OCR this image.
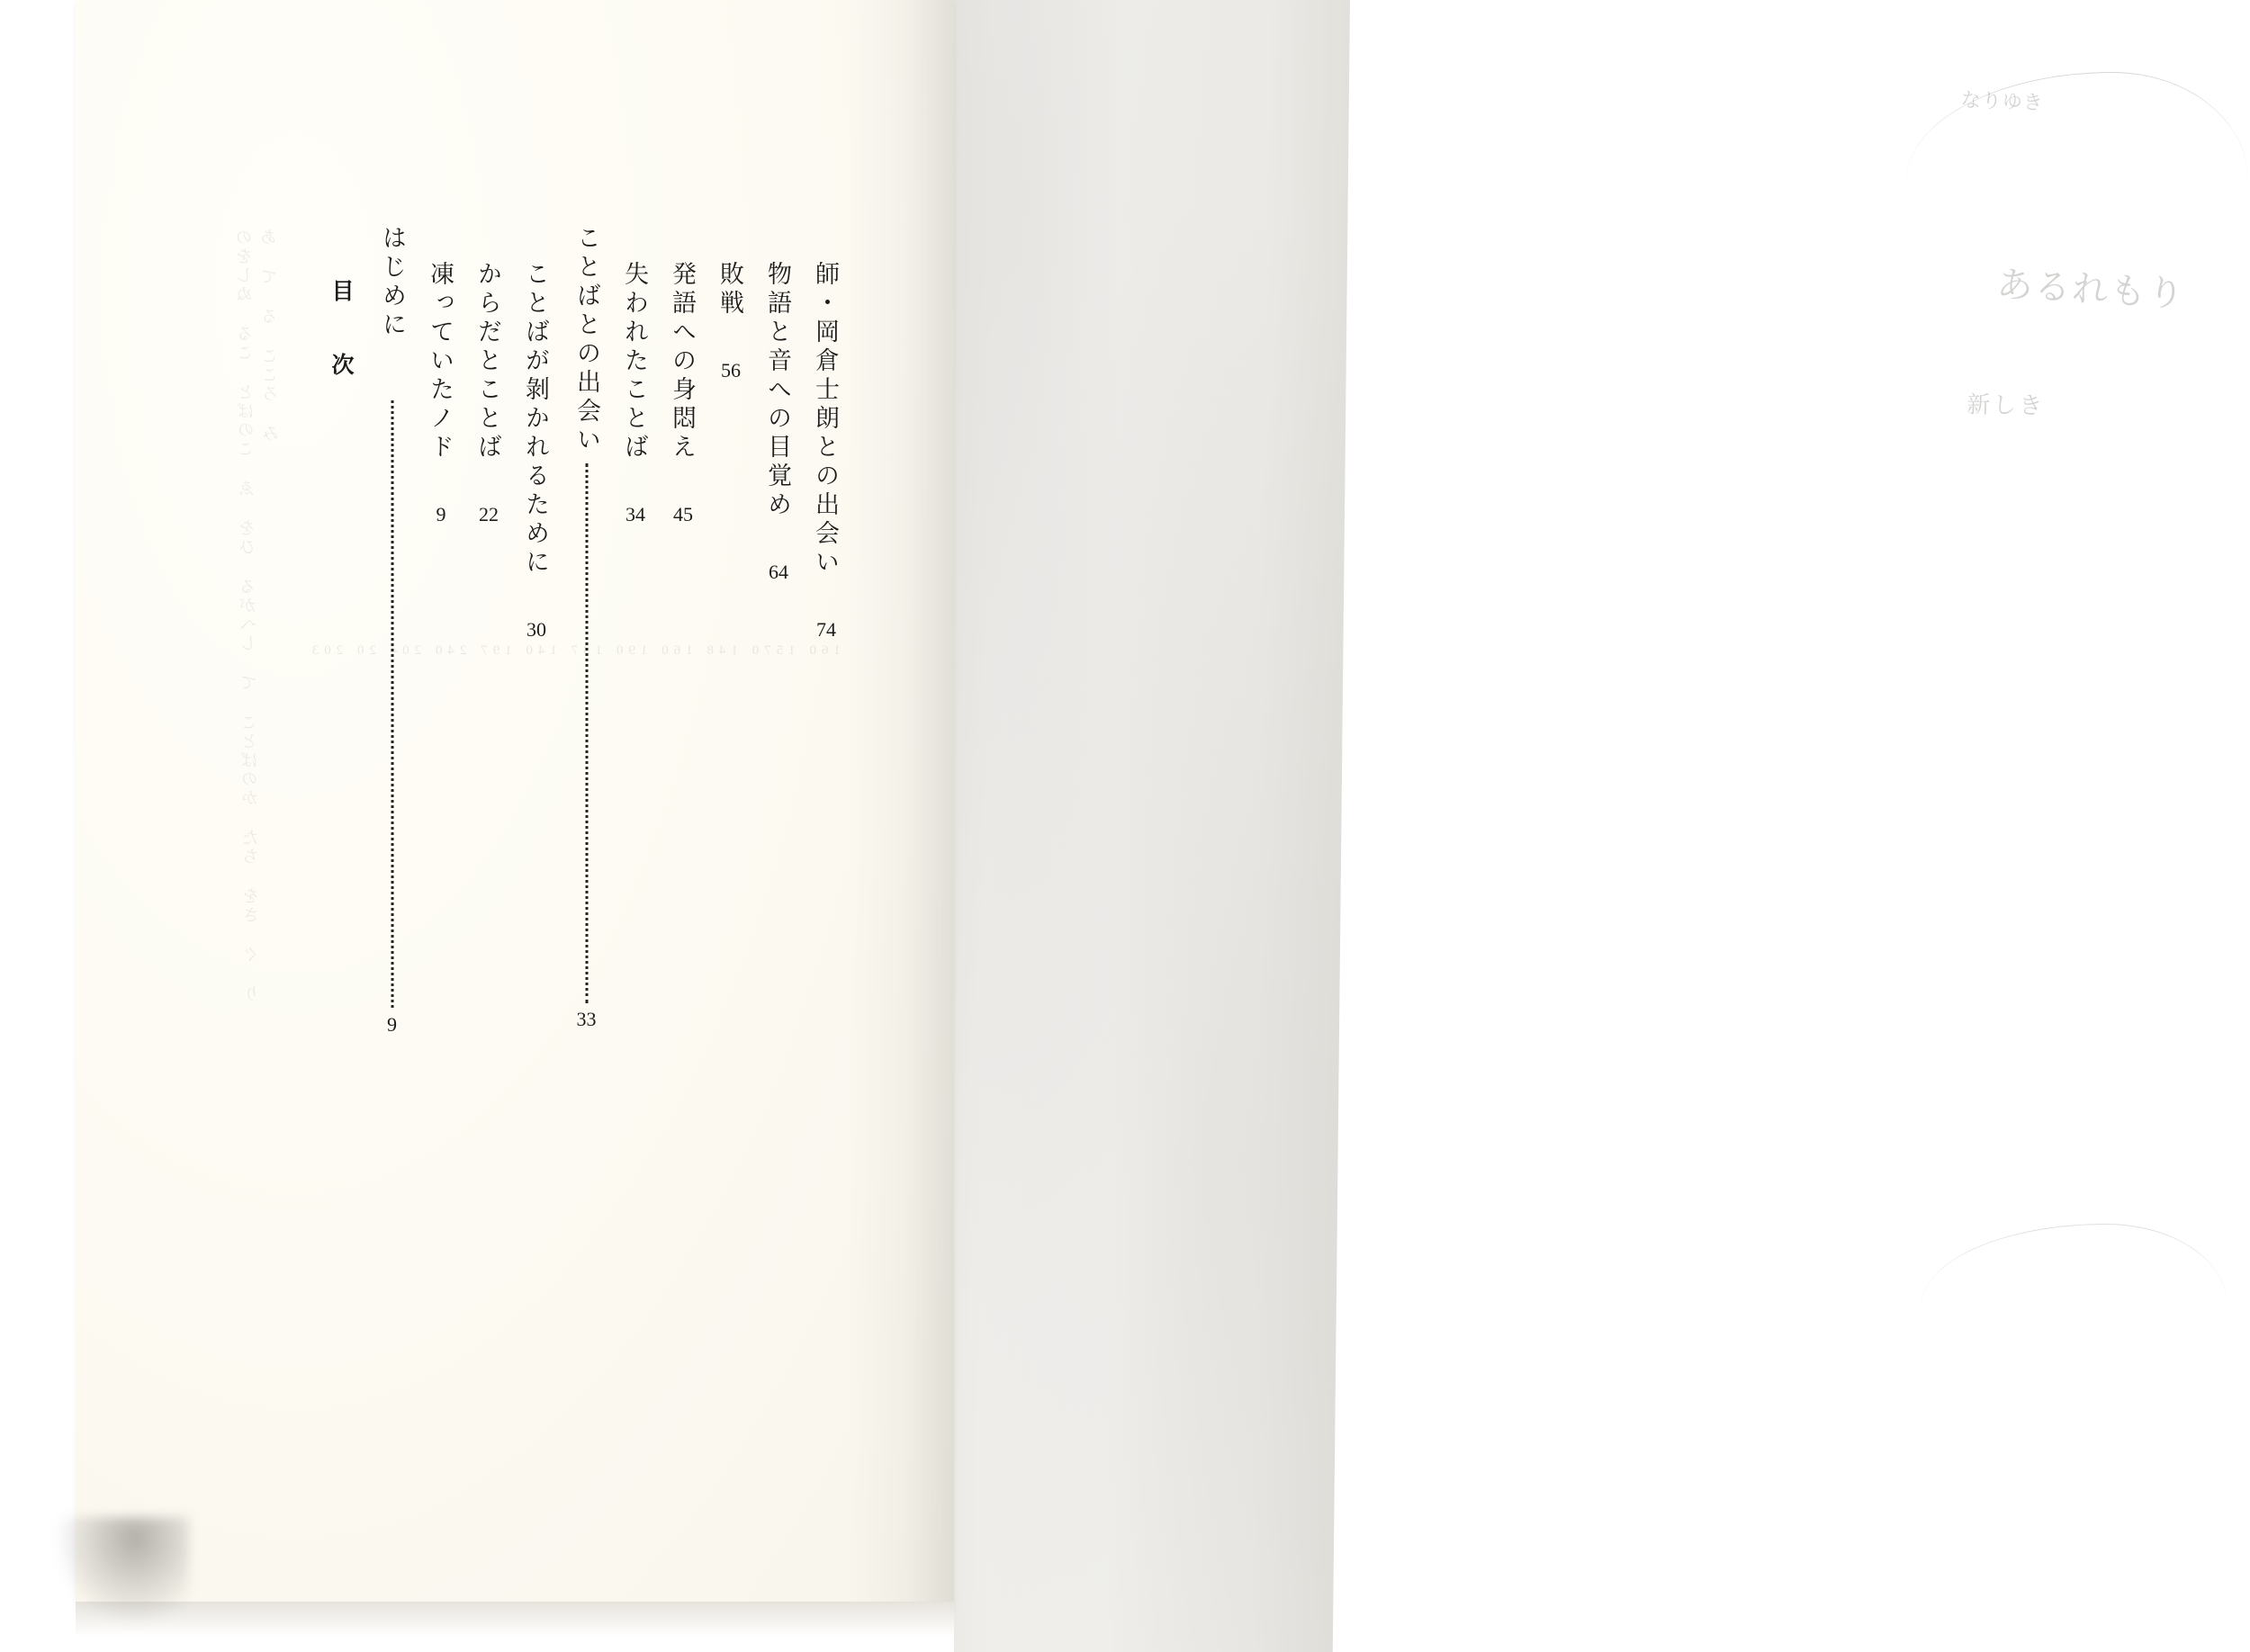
あるれもり
なりゆき
新しき
のをしぬ るこ とばのこ ゑ をひ るがへし て ことばのか たち をさ ぐ り あ て る こころ み
160 1570 148 160 190 137 140 197 240 204 20 203
目　次 はじめに
9
凍っていたノド 9
からだとことば 22 ことばが剝かれるために 30
ことばとの出会い
33
失われたことば 34
発語への身悶え 45
敗戦 56 物語と音への目覚め 64 師・岡倉士朗との出会い 74
